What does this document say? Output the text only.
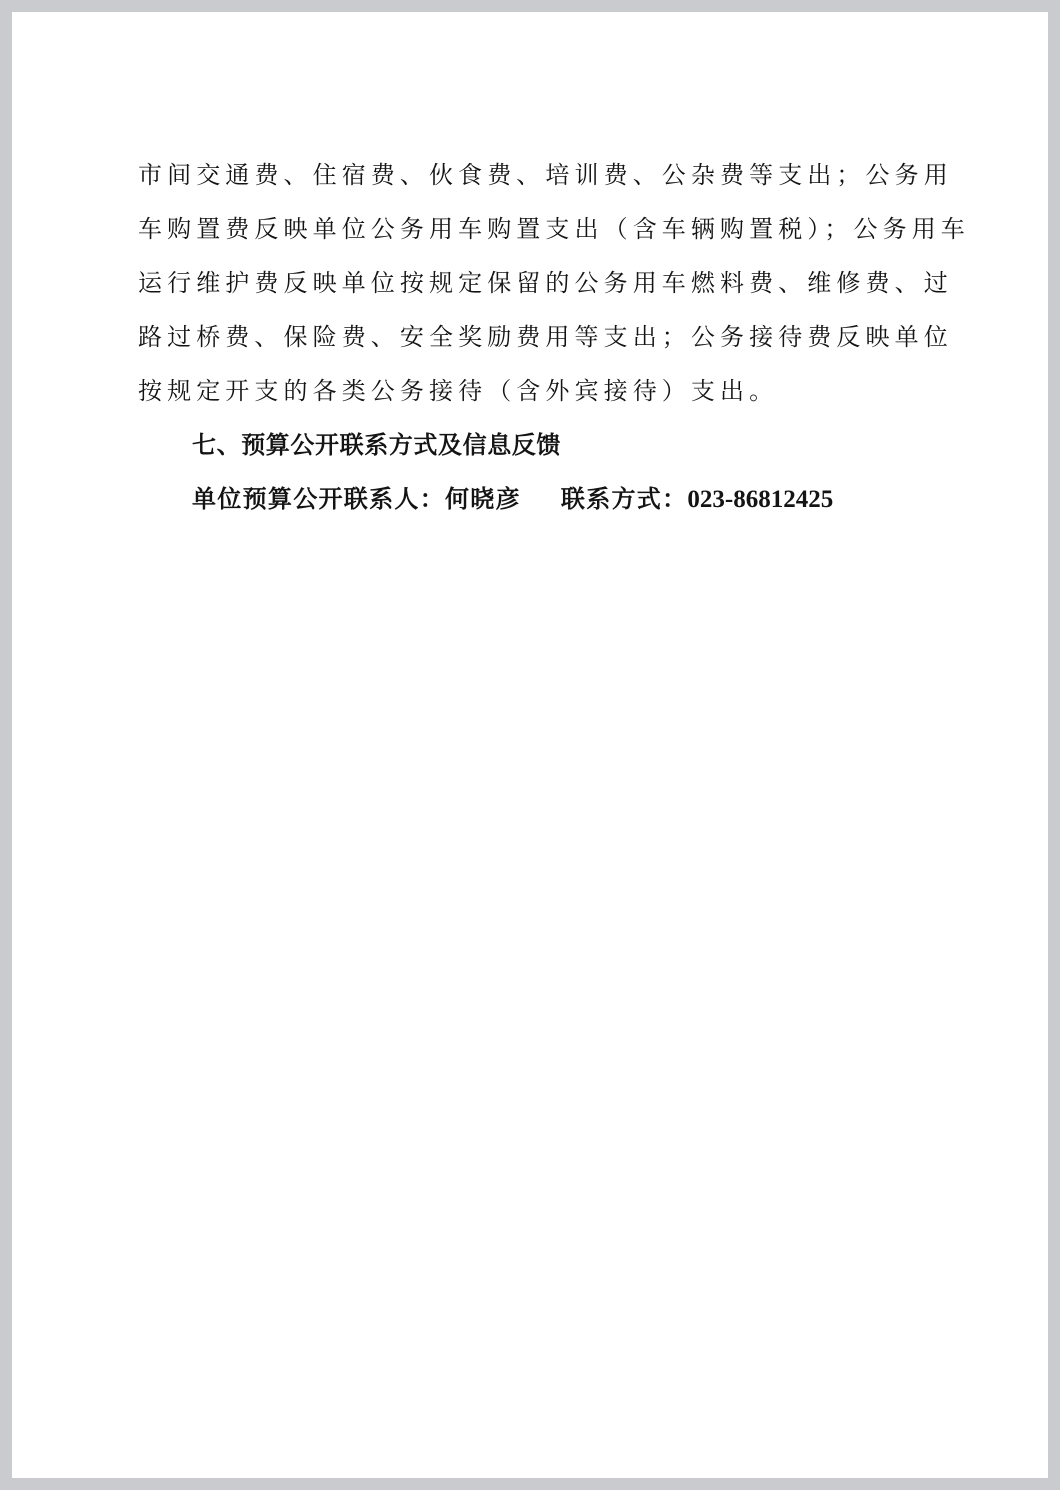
市间交通费、住宿费、伙食费、培训费、公杂费等支出；公务用
车购置费反映单位公务用车购置支出（含车辆购置税）；公务用车
运行维护费反映单位按规定保留的公务用车燃料费、维修费、过
路过桥费、保险费、安全奖励费用等支出；公务接待费反映单位
按规定开支的各类公务接待（含外宾接待）支出。
七、预算公开联系方式及信息反馈
单位预算公开联系人：何晓彦 联系方式：023-86812425
